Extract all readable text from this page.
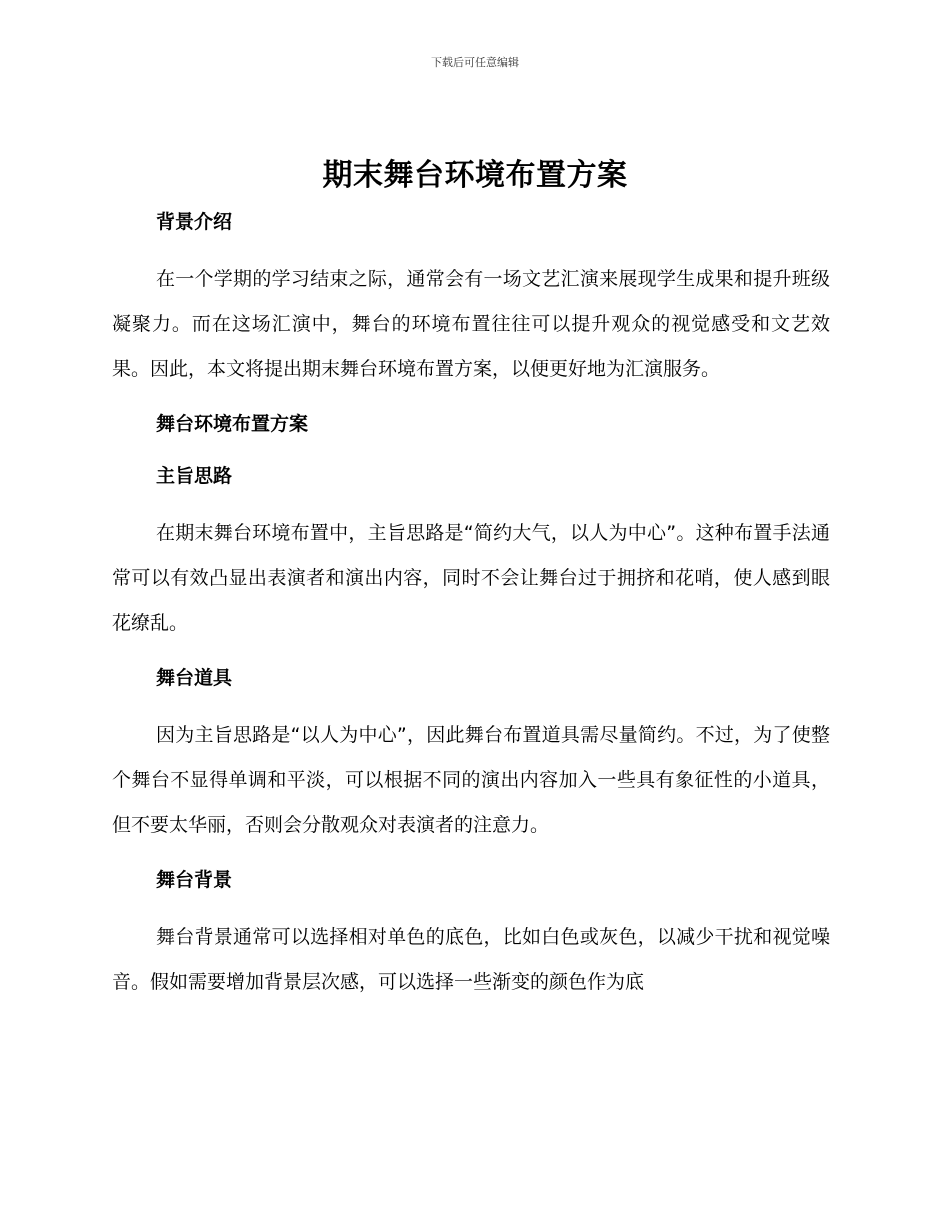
下载后可任意编辑
期末舞台环境布置方案

背景介绍

在一个学期的学习结束之际，通常会有一场文艺汇演来展现学生成果和提升班级凝聚力。而在这场汇演中，舞台的环境布置往往可以提升观众的视觉感受和文艺效果。因此，本文将提出期末舞台环境布置方案，以便更好地为汇演服务。

舞台环境布置方案

主旨思路

在期末舞台环境布置中，主旨思路是“简约大气，以人为中心”。这种布置手法通常可以有效凸显出表演者和演出内容，同时不会让舞台过于拥挤和花哨，使人感到眼花缭乱。

舞台道具

因为主旨思路是“以人为中心”，因此舞台布置道具需尽量简约。不过，为了使整个舞台不显得单调和平淡，可以根据不同的演出内容加入一些具有象征性的小道具，但不要太华丽，否则会分散观众对表演者的注意力。

舞台背景

舞台背景通常可以选择相对单色的底色，比如白色或灰色，以减少干扰和视觉噪音。假如需要增加背景层次感，可以选择一些渐变的颜色作为底
